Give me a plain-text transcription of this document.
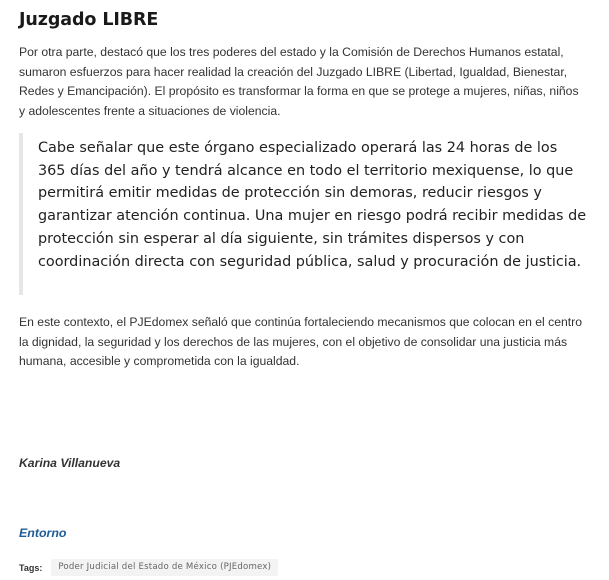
Juzgado LIBRE

Por otra parte, destacó que los tres poderes del estado y la Comisión de Derechos Humanos estatal, sumaron esfuerzos para hacer realidad la creación del Juzgado LIBRE (Libertad, Igualdad, Bienestar, Redes y Emancipación). El propósito es transformar la forma en que se protege a mujeres, niñas, niños y adolescentes frente a situaciones de violencia.

Cabe señalar que este órgano especializado operará las 24 horas de los 365 días del año y tendrá alcance en todo el territorio mexiquense, lo que permitirá emitir medidas de protección sin demoras, reducir riesgos y garantizar atención continua. Una mujer en riesgo podrá recibir medidas de protección sin esperar al día siguiente, sin trámites dispersos y con coordinación directa con seguridad pública, salud y procuración de justicia.

En este contexto, el PJEdomex señaló que continúa fortaleciendo mecanismos que colocan en el centro la dignidad, la seguridad y los derechos de las mujeres, con el objetivo de consolidar una justicia más humana, accesible y comprometida con la igualdad.

Karina Villanueva

Entorno
Tags:	Poder Judicial del Estado de México (PJEdomex)
